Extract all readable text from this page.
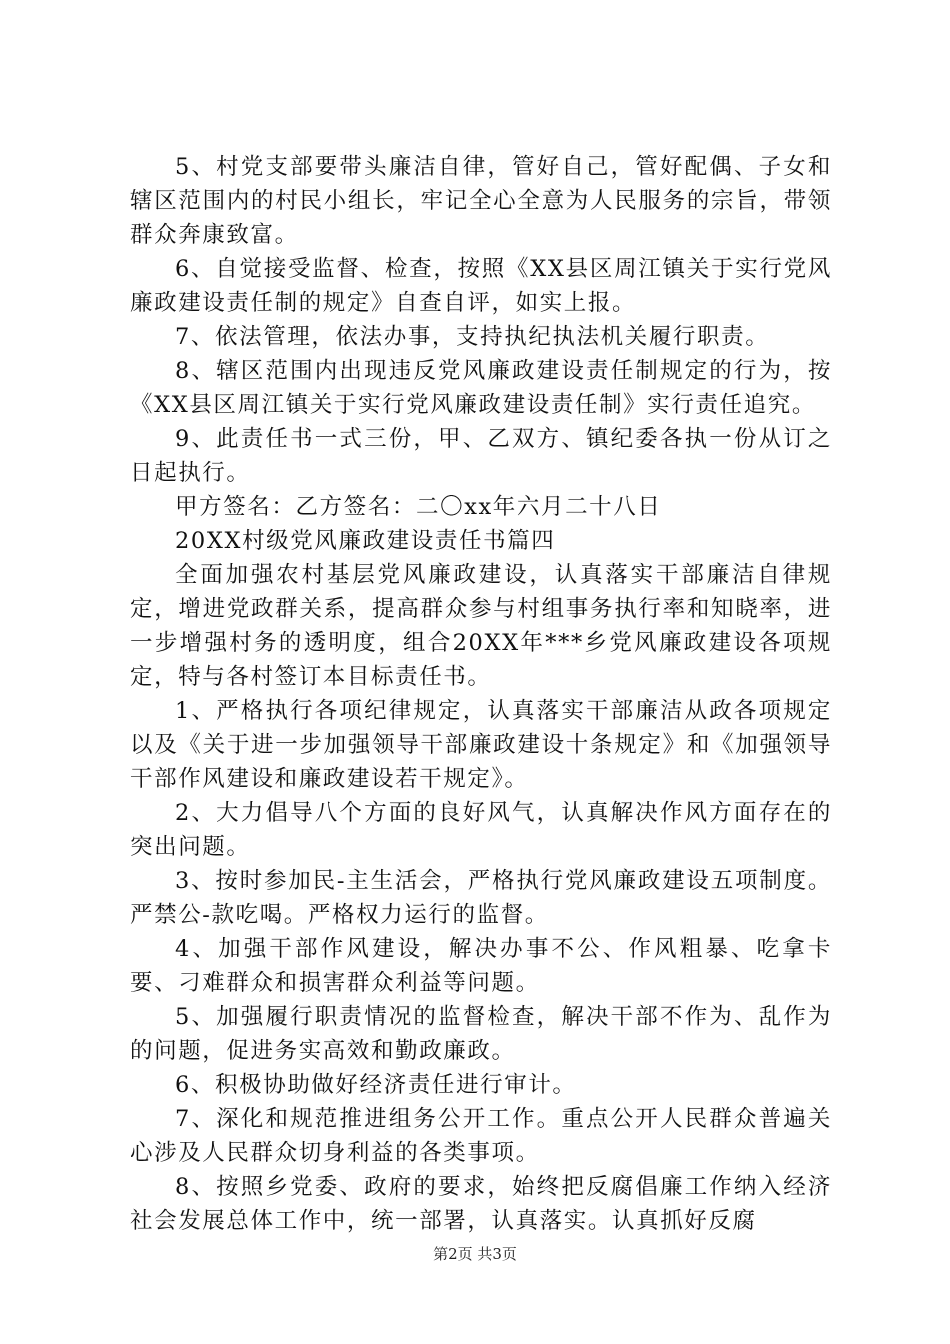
5、村党支部要带头廉洁自律，管好自己，管好配偶、子女和辖区范围内的村民小组长，牢记全心全意为人民服务的宗旨，带领群众奔康致富。

6、自觉接受监督、检查，按照《XX县区周江镇关于实行党风廉政建设责任制的规定》自查自评，如实上报。

7、依法管理，依法办事，支持执纪执法机关履行职责。

8、辖区范围内出现违反党风廉政建设责任制规定的行为，按《XX县区周江镇关于实行党风廉政建设责任制》实行责任追究。

9、此责任书一式三份，甲、乙双方、镇纪委各执一份从订之日起执行。

甲方签名：乙方签名：二〇xx年六月二十八日

20XX村级党风廉政建设责任书篇四

全面加强农村基层党风廉政建设，认真落实干部廉洁自律规定，增进党政群关系，提高群众参与村组事务执行率和知晓率，进一步增强村务的透明度，组合20XX年***乡党风廉政建设各项规定，特与各村签订本目标责任书。

1、严格执行各项纪律规定，认真落实干部廉洁从政各项规定以及《关于进一步加强领导干部廉政建设十条规定》和《加强领导干部作风建设和廉政建设若干规定》。

2、大力倡导八个方面的良好风气，认真解决作风方面存在的突出问题。

3、按时参加民-主生活会，严格执行党风廉政建设五项制度。严禁公-款吃喝。严格权力运行的监督。

4、加强干部作风建设，解决办事不公、作风粗暴、吃拿卡要、刁难群众和损害群众利益等问题。

5、加强履行职责情况的监督检查，解决干部不作为、乱作为的问题，促进务实高效和勤政廉政。

6、积极协助做好经济责任进行审计。

7、深化和规范推进组务公开工作。重点公开人民群众普遍关心涉及人民群众切身利益的各类事项。

8、按照乡党委、政府的要求，始终把反腐倡廉工作纳入经济社会发展总体工作中，统一部署，认真落实。认真抓好反腐

第2页 共3页
